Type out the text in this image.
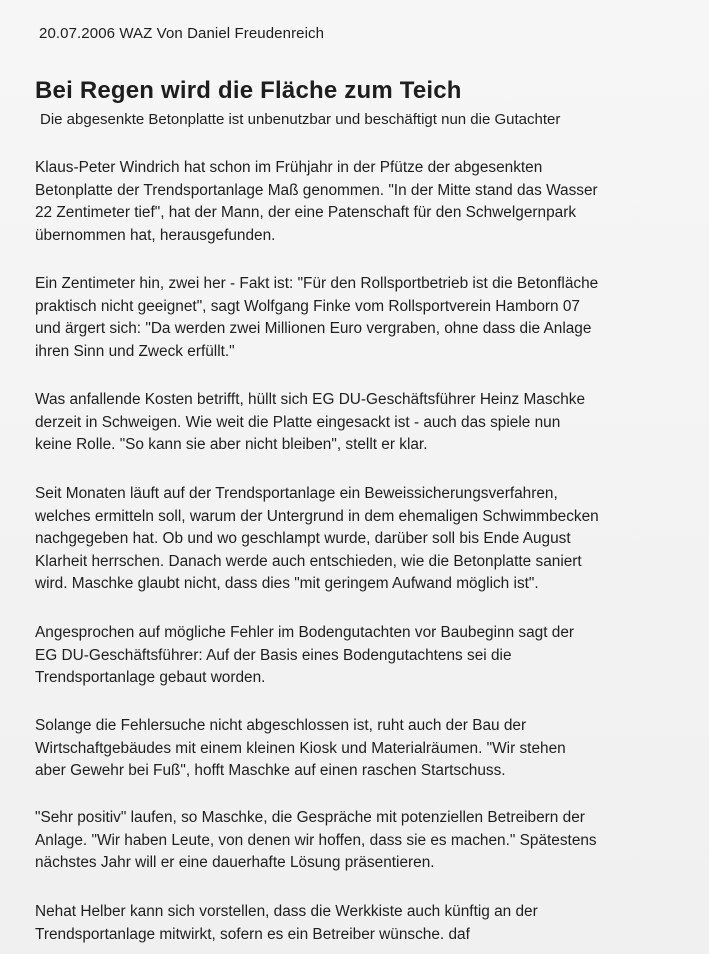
20.07.2006 WAZ Von Daniel Freudenreich
Bei Regen wird die Fläche zum Teich
Die abgesenkte Betonplatte ist unbenutzbar und beschäftigt nun die Gutachter

Klaus-Peter Windrich hat schon im Frühjahr in der Pfütze der abgesenkten
Betonplatte der Trendsportanlage Maß genommen. "In der Mitte stand das Wasser
22 Zentimeter tief", hat der Mann, der eine Patenschaft für den Schwelgernpark
übernommen hat, herausgefunden.

Ein Zentimeter hin, zwei her - Fakt ist: "Für den Rollsportbetrieb ist die Betonfläche
praktisch nicht geeignet", sagt Wolfgang Finke vom Rollsportverein Hamborn 07
und ärgert sich: "Da werden zwei Millionen Euro vergraben, ohne dass die Anlage
ihren Sinn und Zweck erfüllt."

Was anfallende Kosten betrifft, hüllt sich EG DU-Geschäftsführer Heinz Maschke
derzeit in Schweigen. Wie weit die Platte eingesackt ist - auch das spiele nun
keine Rolle. "So kann sie aber nicht bleiben", stellt er klar.

Seit Monaten läuft auf der Trendsportanlage ein Beweissicherungsverfahren,
welches ermitteln soll, warum der Untergrund in dem ehemaligen Schwimmbecken
nachgegeben hat. Ob und wo geschlampt wurde, darüber soll bis Ende August
Klarheit herrschen. Danach werde auch entschieden, wie die Betonplatte saniert
wird. Maschke glaubt nicht, dass dies "mit geringem Aufwand möglich ist".

Angesprochen auf mögliche Fehler im Bodengutachten vor Baubeginn sagt der
EG DU-Geschäftsführer: Auf der Basis eines Bodengutachtens sei die
Trendsportanlage gebaut worden.

Solange die Fehlersuche nicht abgeschlossen ist, ruht auch der Bau der
Wirtschaftgebäudes mit einem kleinen Kiosk und Materialräumen. "Wir stehen
aber Gewehr bei Fuß", hofft Maschke auf einen raschen Startschuss.

"Sehr positiv" laufen, so Maschke, die Gespräche mit potenziellen Betreibern der
Anlage. "Wir haben Leute, von denen wir hoffen, dass sie es machen." Spätestens
nächstes Jahr will er eine dauerhafte Lösung präsentieren.

Nehat Helber kann sich vorstellen, dass die Werkkiste auch künftig an der
Trendsportanlage mitwirkt, sofern es ein Betreiber wünsche. daf
